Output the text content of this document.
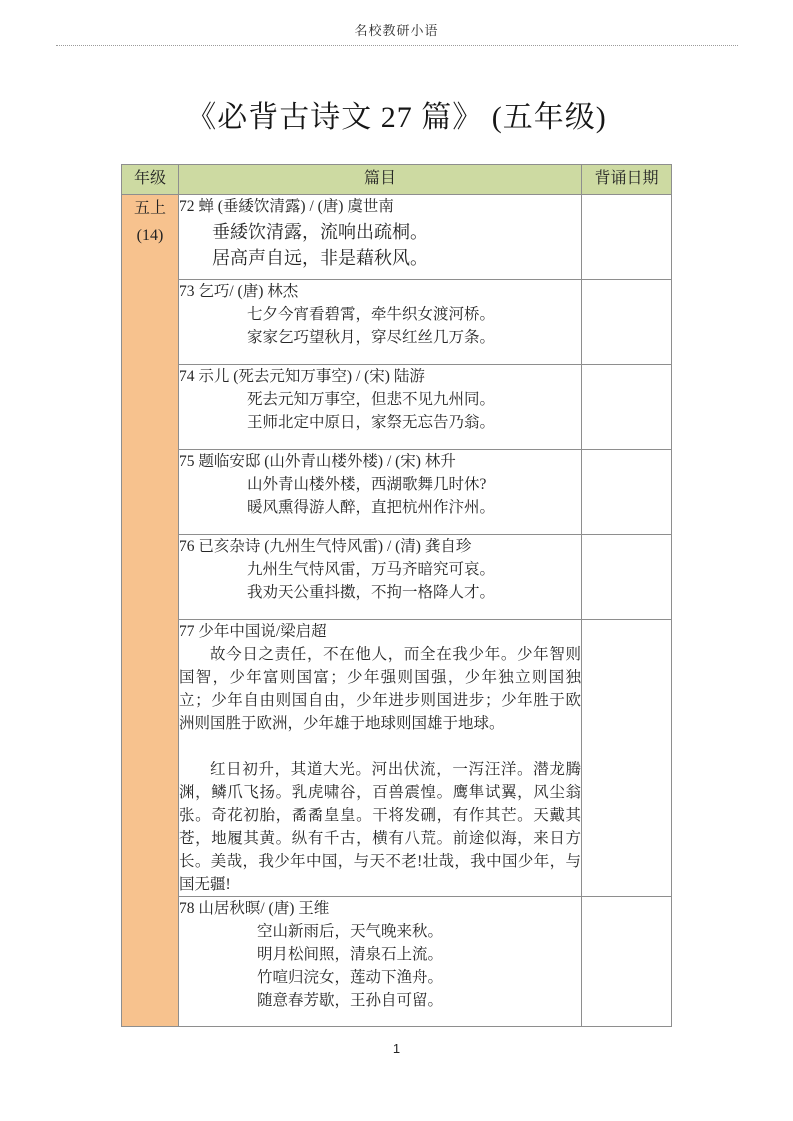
名校教研小语
《必背古诗文 27 篇》 (五年级)
年级	篇目	背诵日期

五上
(14)

72 蝉 (垂緌饮清露) / (唐) 虞世南
垂緌饮清露，流响出疏桐。
居高声自远，非是藉秋风。

	73 乞巧/ (唐) 林杰
七夕今宵看碧霄，牵牛织女渡河桥。
家家乞巧望秋月，穿尽红丝几万条。	

	74 示儿 (死去元知万事空) / (宋) 陆游
死去元知万事空，但悲不见九州同。
王师北定中原日，家祭无忘告乃翁。	

	75 题临安邸 (山外青山楼外楼) / (宋) 林升
山外青山楼外楼，西湖歌舞几时休?
暖风熏得游人醉，直把杭州作汴州。	

	76 已亥杂诗 (九州生气恃风雷) / (清) 龚自珍
九州生气恃风雷，万马齐暗究可哀。
我劝天公重抖擞，不拘一格降人才。	

	77 少年中国说/梁启超

故今日之责任，不在他人，而全在我少年。少年智则国智，少年富则国富；少年强则国强，少年独立则国独立；少年自由则国自由，少年进步则国进步；少年胜于欧洲则国胜于欧洲，少年雄于地球则国雄于地球。

红日初升，其道大光。河出伏流，一泻汪洋。潜龙腾渊，鳞爪飞扬。乳虎啸谷，百兽震惶。鹰隼试翼，风尘翁张。奇花初胎，矞矞皇皇。干将发硎，有作其芒。天戴其苍，地履其黄。纵有千古，横有八荒。前途似海，来日方长。美哉，我少年中国，与天不老!壮哉，我中国少年，与国无疆!	

	78 山居秋暝/ (唐) 王维
空山新雨后，天气晚来秋。
明月松间照，清泉石上流。
竹喧归浣女，莲动下渔舟。
随意春芳歇，王孙自可留。	

1
